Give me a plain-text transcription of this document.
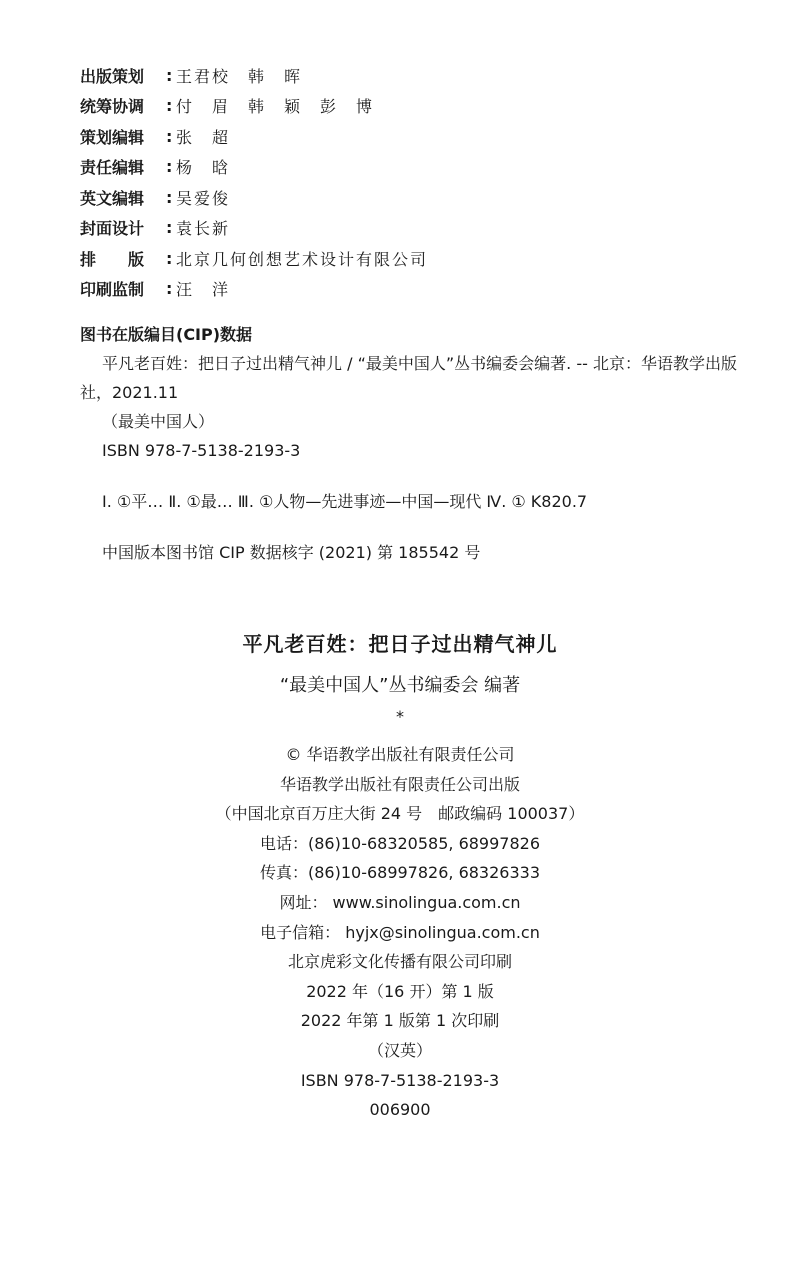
出版策划	: 王君校　韩　晖
统筹协调	: 付　眉　韩　颖　彭　博
策划编辑	: 张　超
责任编辑	: 杨　晗
英文编辑	: 吴爱俊
封面设计	: 袁长新
排　　版	: 北京几何创想艺术设计有限公司
印刷监制	: 汪　洋
图书在版编目(CIP)数据

平凡老百姓：把日子过出精气神儿 / “最美中国人”丛书编委会编著. -- 北京：华语教学出版社，2021.11

（最美中国人）
ISBN 978-7-5138-2193-3
Ⅰ. ①平… Ⅱ. ①最… Ⅲ. ①人物—先进事迹—中国—现代 Ⅳ. ① K820.7
中国版本图书馆 CIP 数据核字 (2021) 第 185542 号
平凡老百姓：把日子过出精气神儿
“最美中国人”丛书编委会 编著
*
© 华语教学出版社有限责任公司
华语教学出版社有限责任公司出版
（中国北京百万庄大街 24 号　邮政编码 100037）
电话：(86)10-68320585, 68997826
传真：(86)10-68997826, 68326333
网址： www.sinolingua.com.cn
电子信箱： hyjx@sinolingua.com.cn
北京虎彩文化传播有限公司印刷
2022 年（16 开）第 1 版
2022 年第 1 版第 1 次印刷
（汉英）
ISBN 978-7-5138-2193-3
006900
